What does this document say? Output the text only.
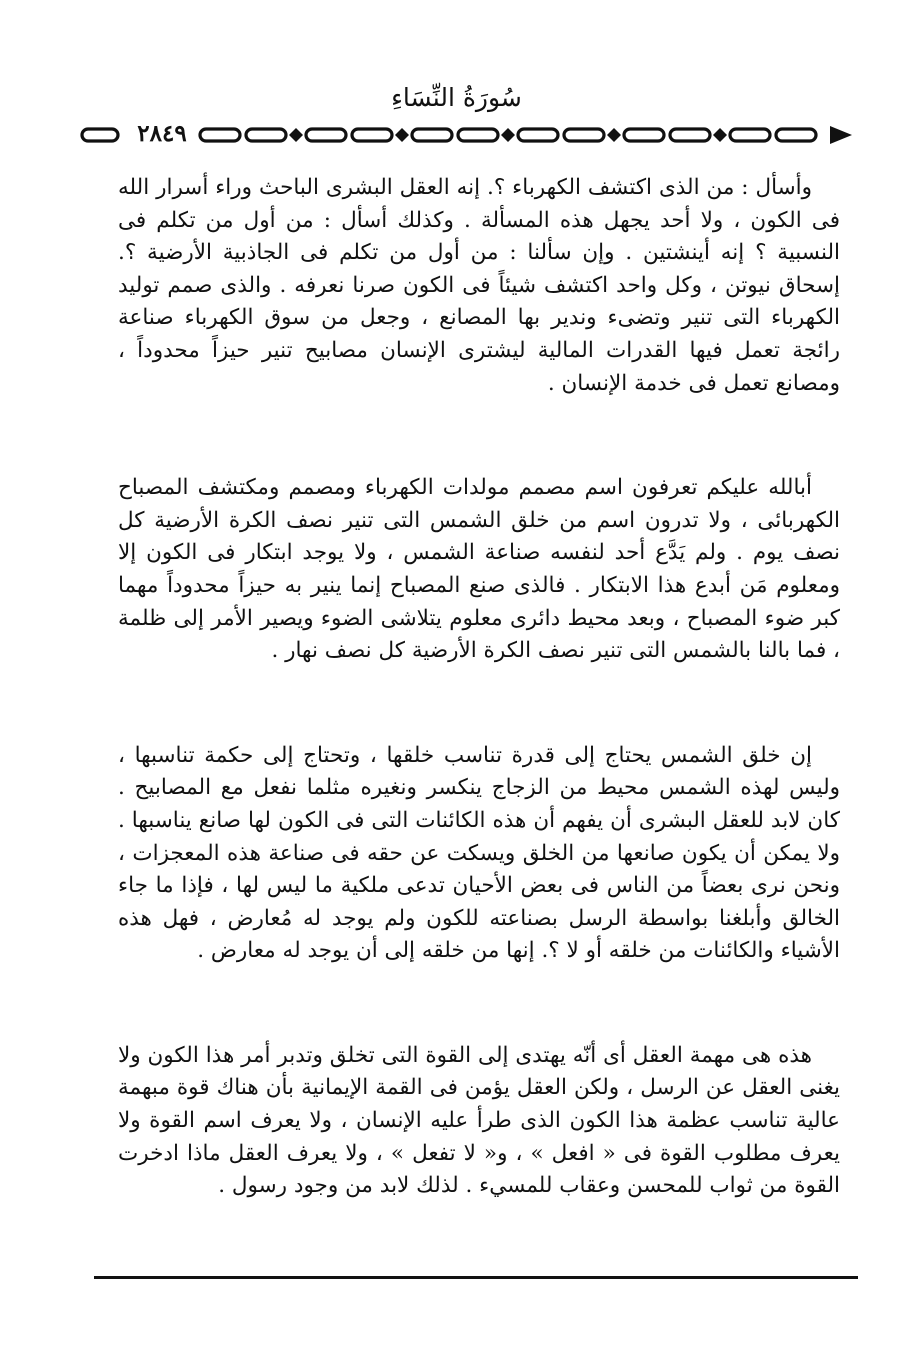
سُورَةُ النِّسَاءِ
٢٨٤٩

وأسأل : من الذى اكتشف الكهرباء ؟. إنه العقل البشرى الباحث وراء أسرار الله فى الكون ، ولا أحد يجهل هذه المسألة . وكذلك أسأل : من أول من تكلم فى النسبية ؟ إنه أينشتين . وإن سألنا : من أول من تكلم فى الجاذبية الأرضية ؟. إسحاق نيوتن ، وكل واحد اكتشف شيئاً فى الكون صرنا نعرفه . والذى صمم توليد الكهرباء التى تنير وتضىء وندير بها المصانع ، وجعل من سوق الكهرباء صناعة رائجة تعمل فيها القدرات المالية ليشترى الإنسان مصابيح تنير حيزاً محدوداً ، ومصانع تعمل فى خدمة الإنسان .

أبالله عليكم تعرفون اسم مصمم مولدات الكهرباء ومصمم ومكتشف المصباح الكهربائى ، ولا تدرون اسم من خلق الشمس التى تنير نصف الكرة الأرضية كل نصف يوم . ولم يَدَّع أحد لنفسه صناعة الشمس ، ولا يوجد ابتكار فى الكون إلا ومعلوم مَن أبدع هذا الابتكار . فالذى صنع المصباح إنما ينير به حيزاً محدوداً مهما كبر ضوء المصباح ، وبعد محيط دائرى معلوم يتلاشى الضوء ويصير الأمر إلى ظلمة ، فما بالنا بالشمس التى تنير نصف الكرة الأرضية كل نصف نهار .

إن خلق الشمس يحتاج إلى قدرة تناسب خلقها ، وتحتاج إلى حكمة تناسبها ، وليس لهذه الشمس محيط من الزجاج ينكسر ونغيره مثلما نفعل مع المصابيح . كان لابد للعقل البشرى أن يفهم أن هذه الكائنات التى فى الكون لها صانع يناسبها . ولا يمكن أن يكون صانعها من الخلق ويسكت عن حقه فى صناعة هذه المعجزات ، ونحن نرى بعضاً من الناس فى بعض الأحيان تدعى ملكية ما ليس لها ، فإذا ما جاء الخالق وأبلغنا بواسطة الرسل بصناعته للكون ولم يوجد له مُعارض ، فهل هذه الأشياء والكائنات من خلقه أو لا ؟. إنها من خلقه إلى أن يوجد له معارض .

هذه هى مهمة العقل أى أنّه يهتدى إلى القوة التى تخلق وتدبر أمر هذا الكون ولا يغنى العقل عن الرسل ، ولكن العقل يؤمن فى القمة الإيمانية بأن هناك قوة مبهمة عالية تناسب عظمة هذا الكون الذى طرأ عليه الإنسان ، ولا يعرف اسم القوة ولا يعرف مطلوب القوة فى « افعل » ، و« لا تفعل » ، ولا يعرف العقل ماذا ادخرت القوة من ثواب للمحسن وعقاب للمسيء . لذلك لابد من وجود رسول .
